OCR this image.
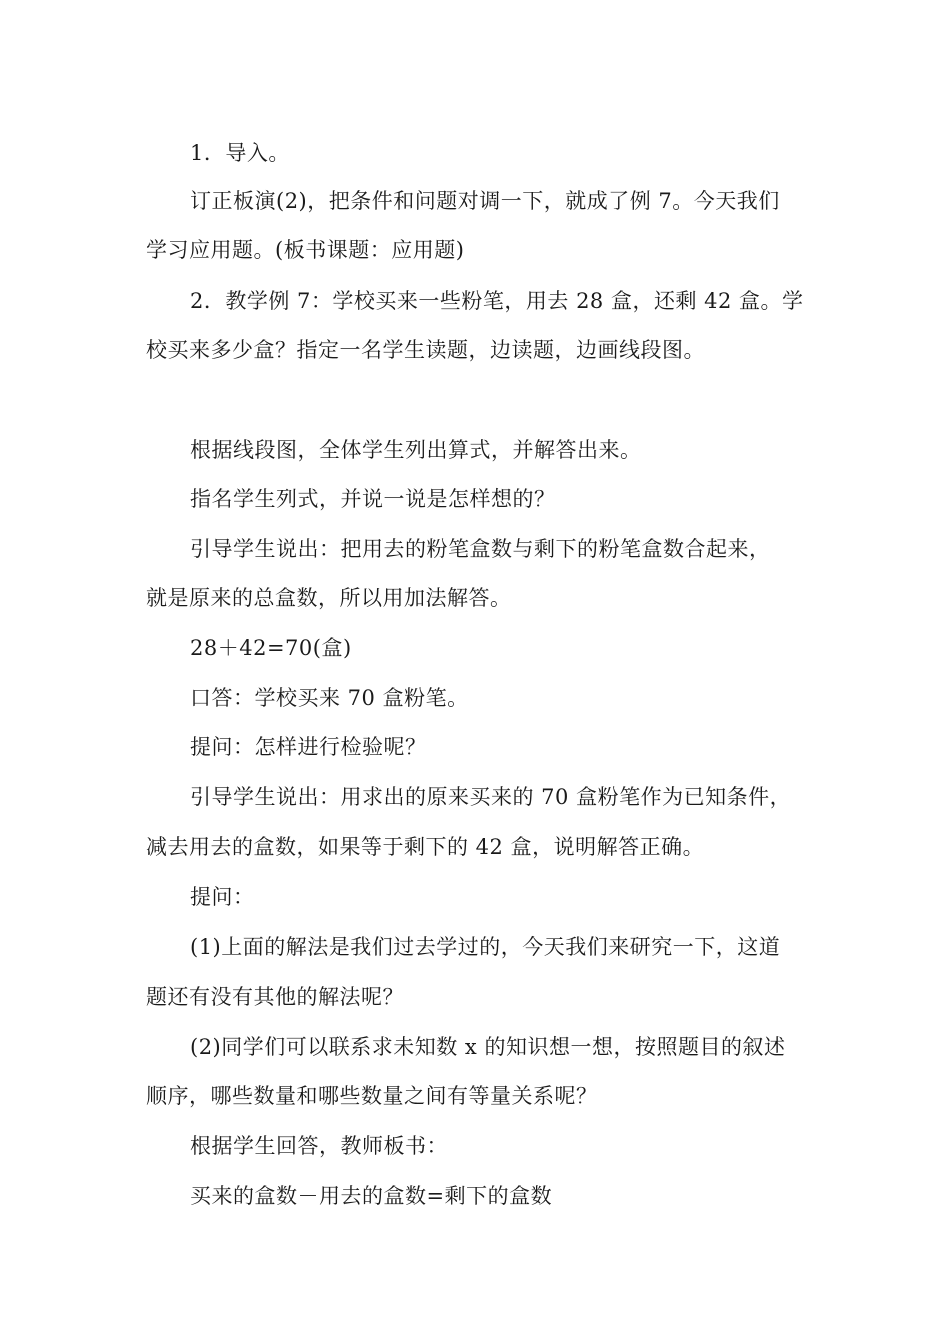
1．导入。

订正板演(2)，把条件和问题对调一下，就成了例 7。今天我们

学习应用题。(板书课题：应用题)

2．教学例 7：学校买来一些粉笔，用去 28 盒，还剩 42 盒。学

校买来多少盒？指定一名学生读题，边读题，边画线段图。

根据线段图，全体学生列出算式，并解答出来。

指名学生列式，并说一说是怎样想的？

引导学生说出：把用去的粉笔盒数与剩下的粉笔盒数合起来，

就是原来的总盒数，所以用加法解答。

28＋42=70(盒)

口答：学校买来 70 盒粉笔。

提问：怎样进行检验呢？

引导学生说出：用求出的原来买来的 70 盒粉笔作为已知条件，

减去用去的盒数，如果等于剩下的 42 盒，说明解答正确。

提问：

(1)上面的解法是我们过去学过的，今天我们来研究一下，这道

题还有没有其他的解法呢？

(2)同学们可以联系求未知数 x 的知识想一想，按照题目的叙述

顺序，哪些数量和哪些数量之间有等量关系呢？

根据学生回答，教师板书：

买来的盒数－用去的盒数=剩下的盒数
